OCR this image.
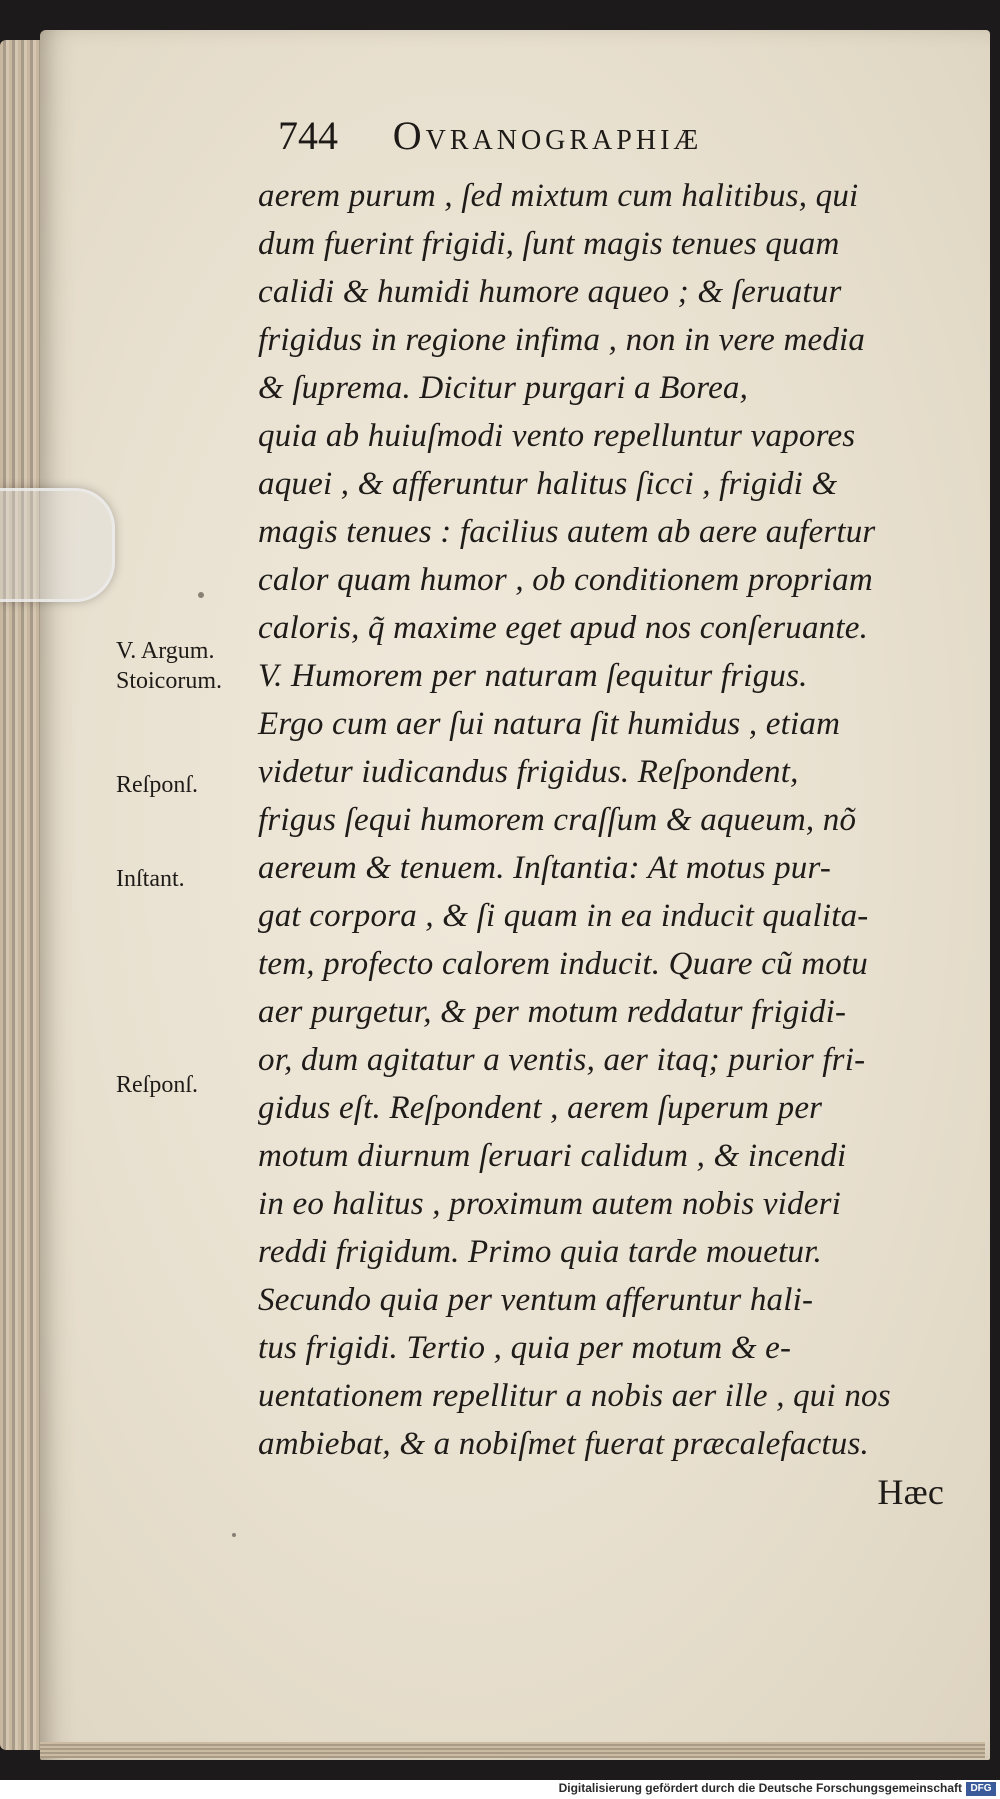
744 Ovranographiæ
aerem purum , ſed mixtum cum halitibus, qui
dum fuerint frigidi, ſunt magis tenues quam
calidi & humidi humore aqueo ; & ſeruatur
frigidus in regione infima , non in vere media
& ſuprema. Dicitur purgari a Borea,
quia ab huiuſmodi vento repelluntur vapores
aquei , & afferuntur halitus ſicci , frigidi &
magis tenues : facilius autem ab aere aufertur
calor quam humor , ob conditionem propriam
caloris, q̃ maxime eget apud nos conſeruante.
V. Humorem per naturam ſequitur frigus.
Ergo cum aer ſui natura ſit humidus , etiam
videtur iudicandus frigidus. Reſpondent,
frigus ſequi humorem craſſum & aqueum, nõ
aereum & tenuem. Inſtantia: At motus pur-
gat corpora , & ſi quam in ea inducit qualita-
tem, profecto calorem inducit. Quare cũ motu
aer purgetur, & per motum reddatur frigidi-
or, dum agitatur a ventis, aer itaq; purior fri-
gidus eſt. Reſpondent , aerem ſuperum per
motum diurnum ſeruari calidum , & incendi
in eo halitus , proximum autem nobis videri
reddi frigidum. Primo quia tarde mouetur.
Secundo quia per ventum afferuntur hali-
tus frigidi. Tertio , quia per motum & e-
uentationem repellitur a nobis aer ille , qui nos
ambiebat, & a nobiſmet fuerat præcalefactus.
Hæc
V. Argum.
Stoicorum.
Reſponſ.
Inſtant.
Reſponſ.
Digitalisierung gefördert durch die Deutsche Forschungsgemeinschaft DFG
